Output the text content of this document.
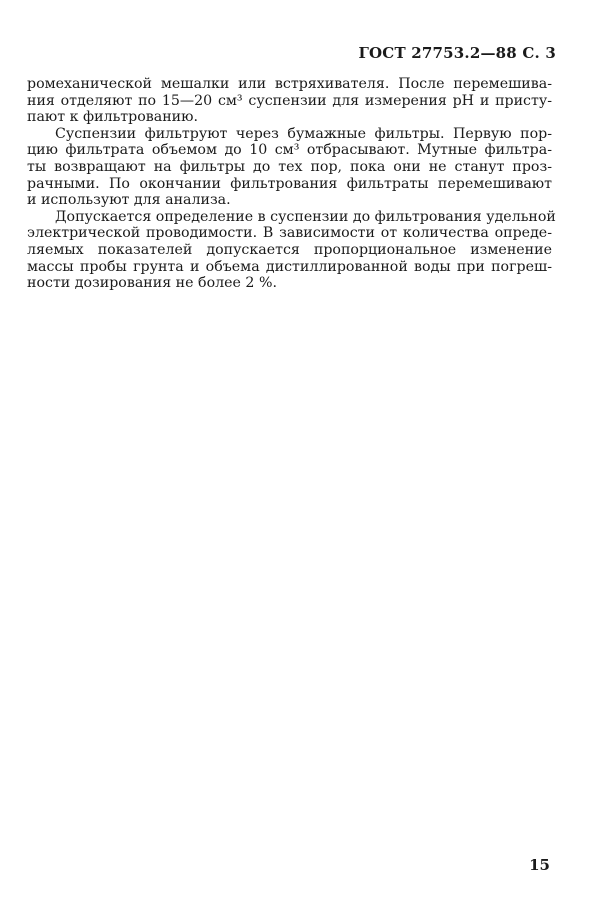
ГОСТ 27753.2—88 С. 3

ромеханической мешалки или встряхивателя. После перемешива-
ния отделяют по 15—20 см³ суспензии для измерения pH и присту-
пают к фильтрованию.

Суспензии фильтруют через бумажные фильтры. Первую пор-
цию фильтрата объемом до 10 см³ отбрасывают. Мутные фильтра-
ты возвращают на фильтры до тех пор, пока они не станут проз-
рачными. По окончании фильтрования фильтраты перемешивают
и используют для анализа.

Допускается определение в суспензии до фильтрования удельной
электрической проводимости. В зависимости от количества опреде-
ляемых показателей допускается пропорциональное изменение
массы пробы грунта и объема дистиллированной воды при погреш-
ности дозирования не более 2 %.

15
